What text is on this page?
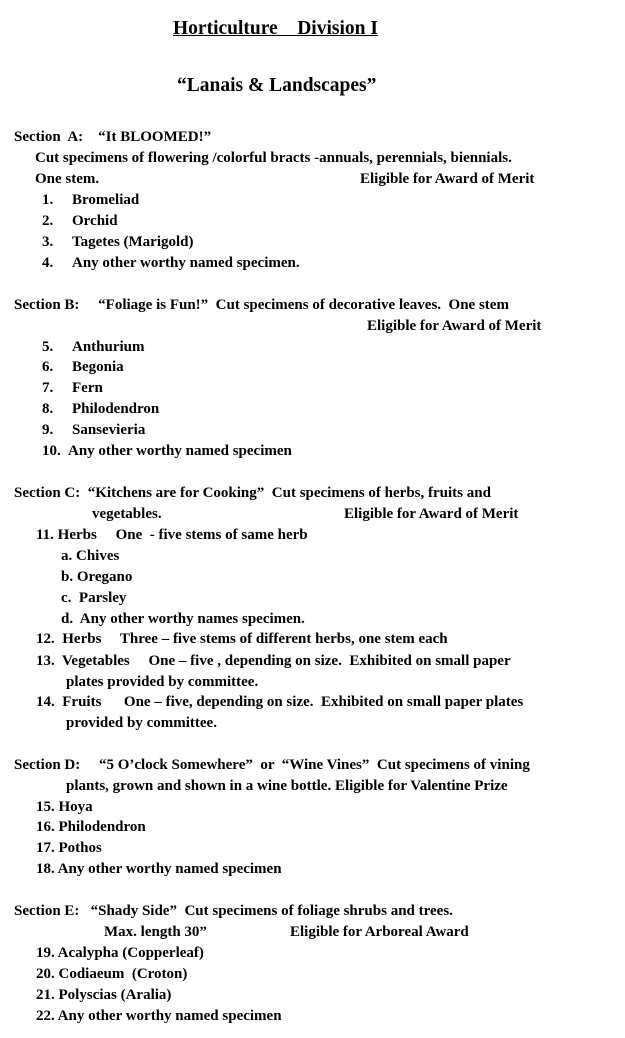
Horticulture    Division I
“Lanais & Landscapes”
Section  A:    “It BLOOMED!”
Cut specimens of flowering /colorful bracts -annuals, perennials, biennials.
One stem.	Eligible for Award of Merit
1. Bromeliad
2. Orchid
3. Tagetes (Marigold)
4. Any other worthy named specimen.
Section B:     “Foliage is Fun!”  Cut specimens of decorative leaves.  One stem
Eligible for Award of Merit
5. Anthurium
6. Begonia
7. Fern
8. Philodendron
9. Sansevieria
10. Any other worthy named specimen
Section C:  “Kitchens are for Cooking”  Cut specimens of herbs, fruits and
vegetables.	Eligible for Award of Merit
11. Herbs     One  - five stems of same herb
a. Chives
b. Oregano
c.  Parsley
d.  Any other worthy names specimen.
12.  Herbs     Three – five stems of different herbs, one stem each
13.  Vegetables     One – five , depending on size.  Exhibited on small paper
plates provided by committee.
14.  Fruits      One – five, depending on size.  Exhibited on small paper plates
provided by committee.
Section D:     “5 O’clock Somewhere”  or  “Wine Vines”  Cut specimens of vining
plants, grown and shown in a wine bottle. Eligible for Valentine Prize
15. Hoya
16. Philodendron
17. Pothos
18. Any other worthy named specimen
Section E:   “Shady Side”  Cut specimens of foliage shrubs and trees.
Max. length 30”	Eligible for Arboreal Award
19. Acalypha (Copperleaf)
20. Codiaeum  (Croton)
21. Polyscias (Aralia)
22. Any other worthy named specimen
